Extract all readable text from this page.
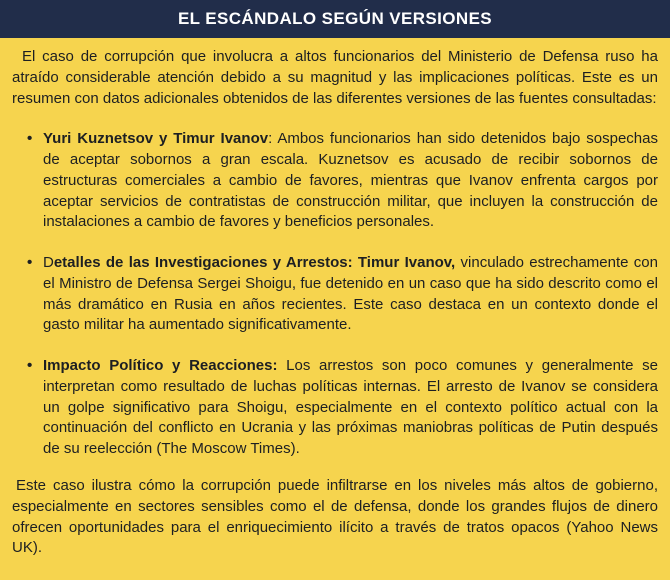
EL ESCÁNDALO SEGÚN VERSIONES

El caso de corrupción que involucra a altos funcionarios del Ministerio de Defensa ruso ha atraído considerable atención debido a su magnitud y las implicaciones políticas. Este es un resumen con datos adicionales obtenidos de las diferentes versiones de las fuentes consultadas:

• Yuri Kuznetsov y Timur Ivanov: Ambos funcionarios han sido detenidos bajo sospechas de aceptar sobornos a gran escala. Kuznetsov es acusado de recibir sobornos de estructuras comerciales a cambio de favores, mientras que Ivanov enfrenta cargos por aceptar servicios de contratistas de construcción militar, que incluyen la construcción de instalaciones a cambio de favores y beneficios personales.
• Detalles de las Investigaciones y Arrestos: Timur Ivanov, vinculado estrechamente con el Ministro de Defensa Sergei Shoigu, fue detenido en un caso que ha sido descrito como el más dramático en Rusia en años recientes. Este caso destaca en un contexto donde el gasto militar ha aumentado significativamente.
• Impacto Político y Reacciones: Los arrestos son poco comunes y generalmente se interpretan como resultado de luchas políticas internas. El arresto de Ivanov se considera un golpe significativo para Shoigu, especialmente en el contexto político actual con la continuación del conflicto en Ucrania y las próximas maniobras políticas de Putin después de su reelección (The Moscow Times).

Este caso ilustra cómo la corrupción puede infiltrarse en los niveles más altos de gobierno, especialmente en sectores sensibles como el de defensa, donde los grandes flujos de dinero ofrecen oportunidades para el enriquecimiento ilícito a través de tratos opacos (Yahoo News UK).
